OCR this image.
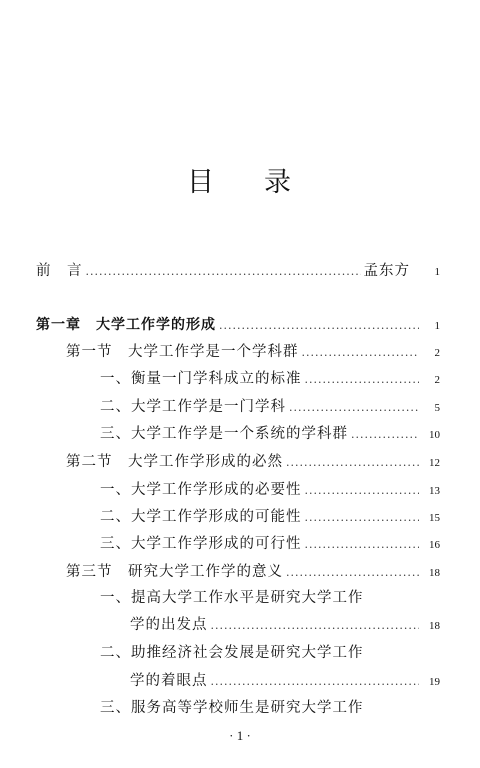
目 录
前　言 .....	孟东方	1
第一章　大学工作学的形成 .....	1
第一节　大学工作学是一个学科群 .....	2
一、衡量一门学科成立的标准 .....	2
二、大学工作学是一门学科 .....	5
三、大学工作学是一个系统的学科群 .....	10
第二节　大学工作学形成的必然 .....	12
一、大学工作学形成的必要性 .....	13
二、大学工作学形成的可能性 .....	15
三、大学工作学形成的可行性 .....	16
第三节　研究大学工作学的意义 .....	18
一、提高大学工作水平是研究大学工作
学的出发点 .....	18
二、助推经济社会发展是研究大学工作
学的着眼点 .....	19
三、服务高等学校师生是研究大学工作
· 1 ·
